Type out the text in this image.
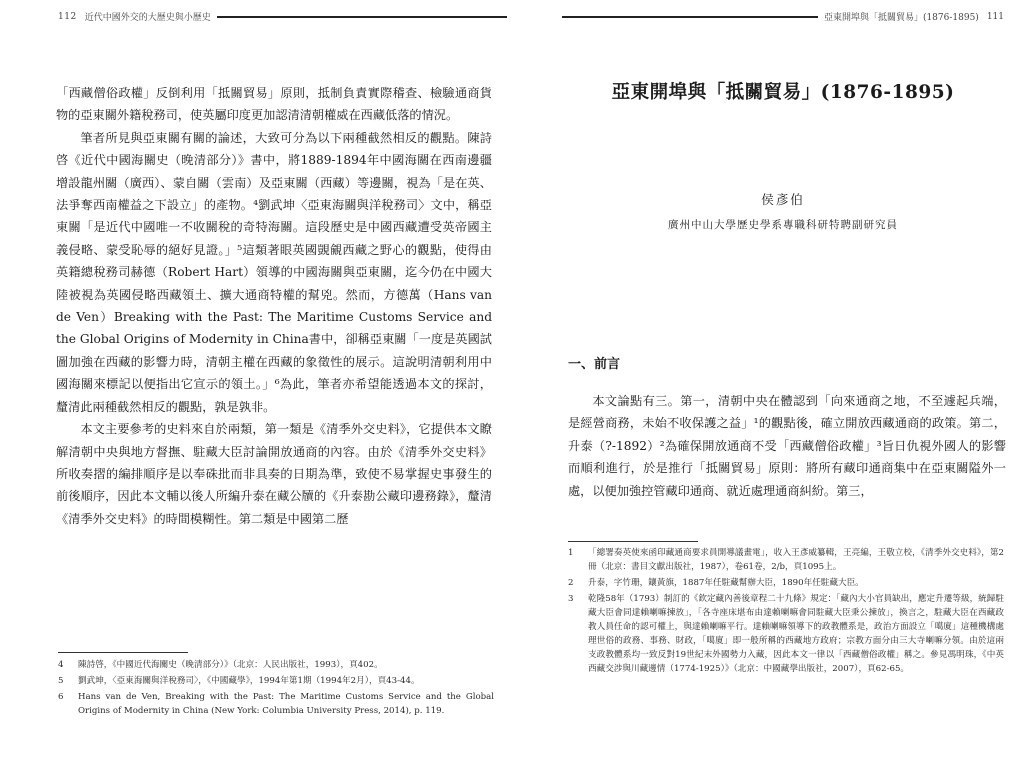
112 近代中國外交的大歷史與小歷史

「西藏僧俗政權」反倒利用「抵關貿易」原則，抵制負責實際稽查、檢驗通商貨物的亞東關外籍稅務司，使英屬印度更加認清清朝權威在西藏低落的情況。

筆者所見與亞東關有關的論述，大致可分為以下兩種截然相反的觀點。陳詩啓《近代中國海關史（晚清部分）》書中，將1889-1894年中國海關在西南邊疆增設龍州關（廣西）、蒙自關（雲南）及亞東關（西藏）等邊關，視為「是在英、法爭奪西南權益之下設立」的產物。⁴劉武坤〈亞東海關與洋稅務司〉文中，稱亞東關「是近代中國唯一不收關稅的奇特海關。這段歷史是中國西藏遭受英帝國主義侵略、蒙受恥辱的絕好見證。」⁵這類著眼英國覬覦西藏之野心的觀點，使得由英籍總稅務司赫德（Robert Hart）領導的中國海關與亞東關，迄今仍在中國大陸被視為英國侵略西藏領土、擴大通商特權的幫兇。然而，方德萬（Hans van de Ven）Breaking with the Past: The Maritime Customs Service and the Global Origins of Modernity in China書中，卻稱亞東關「一度是英國試圖加強在西藏的影響力時，清朝主權在西藏的象徵性的展示。這說明清朝利用中國海關來標記以便指出它宣示的領土。」⁶為此，筆者亦希望能透過本文的探討，釐清此兩種截然相反的觀點，孰是孰非。

本文主要參考的史料來自於兩類，第一類是《清季外交史料》，它提供本文瞭解清朝中央與地方督撫、駐藏大臣討論開放通商的內容。由於《清季外交史料》所收奏摺的編排順序是以奉硃批而非具奏的日期為準，致使不易掌握史事發生的前後順序，因此本文輔以後人所編升泰在藏公牘的《升泰勘公藏印邊務錄》，釐清《清季外交史料》的時間模糊性。第二類是中國第二歷

4	陳詩啓，《中國近代海關史（晚清部分）》（北京：人民出版社，1993），頁402。
5	劉武坤，〈亞東海關與洋稅務司〉，《中國藏學》，1994年第1期（1994年2月），頁43-44。
6	Hans van de Ven, Breaking with the Past: The Maritime Customs Service and the Global Origins of Modernity in China (New York: Columbia University Press, 2014), p. 119.
亞東開埠與「抵關貿易」(1876-1895) 111
亞東開埠與「抵關貿易」(1876-1895)
侯彥伯
廣州中山大學歷史學系專職科研特聘副研究員
一、前言

本文論點有三。第一，清朝中央在體認到「向來通商之地，不至遽起兵端，是經營商務，未始不收保護之益」¹的觀點後，確立開放西藏通商的政策。第二，升泰（?-1892）²為確保開放通商不受「西藏僧俗政權」³旨日仇視外國人的影響而順利進行，於是推行「抵關貿易」原則：將所有藏印通商集中在亞東關隘外一處，以便加強控管藏印通商、就近處理通商糾紛。第三，

1	「總署奏英使來函印藏通商要求員開導議畫電」，收入王彥威纂輯，王亮編，王敬立校，《清季外交史料》，第2冊（北京：書目文獻出版社，1987），卷61卷，2/b，頁1095上。
2	升泰，字竹珊，鑲黃旗，1887年任駐藏幫辦大臣，1890年任駐藏大臣。
3	乾隆58年（1793）制訂的《欽定藏內善後章程二十九條》規定：「藏內大小官員缺出，應定升遷等級，統歸駐藏大臣會同達賴喇嘛揀放」，「各寺座床堪布由達賴喇嘛會同駐藏大臣秉公揀放」，換言之，駐藏大臣在西藏政教人員任命的認可權上，與達賴喇嘛平行。達賴喇嘛領導下的政教體系是，政治方面設立「噶廈」這種機構處理世俗的政務、事務、財政，「噶廈」即一般所稱的西藏地方政府；宗教方面分由三大寺喇嘛分領。由於這兩支政教體系均一致反對19世紀末外國勢力入藏，因此本文一律以「西藏僧俗政權」稱之。參見馮明珠，《中英西藏交涉與川藏邊情（1774-1925）》（北京：中國藏學出版社，2007），頁62-65。
